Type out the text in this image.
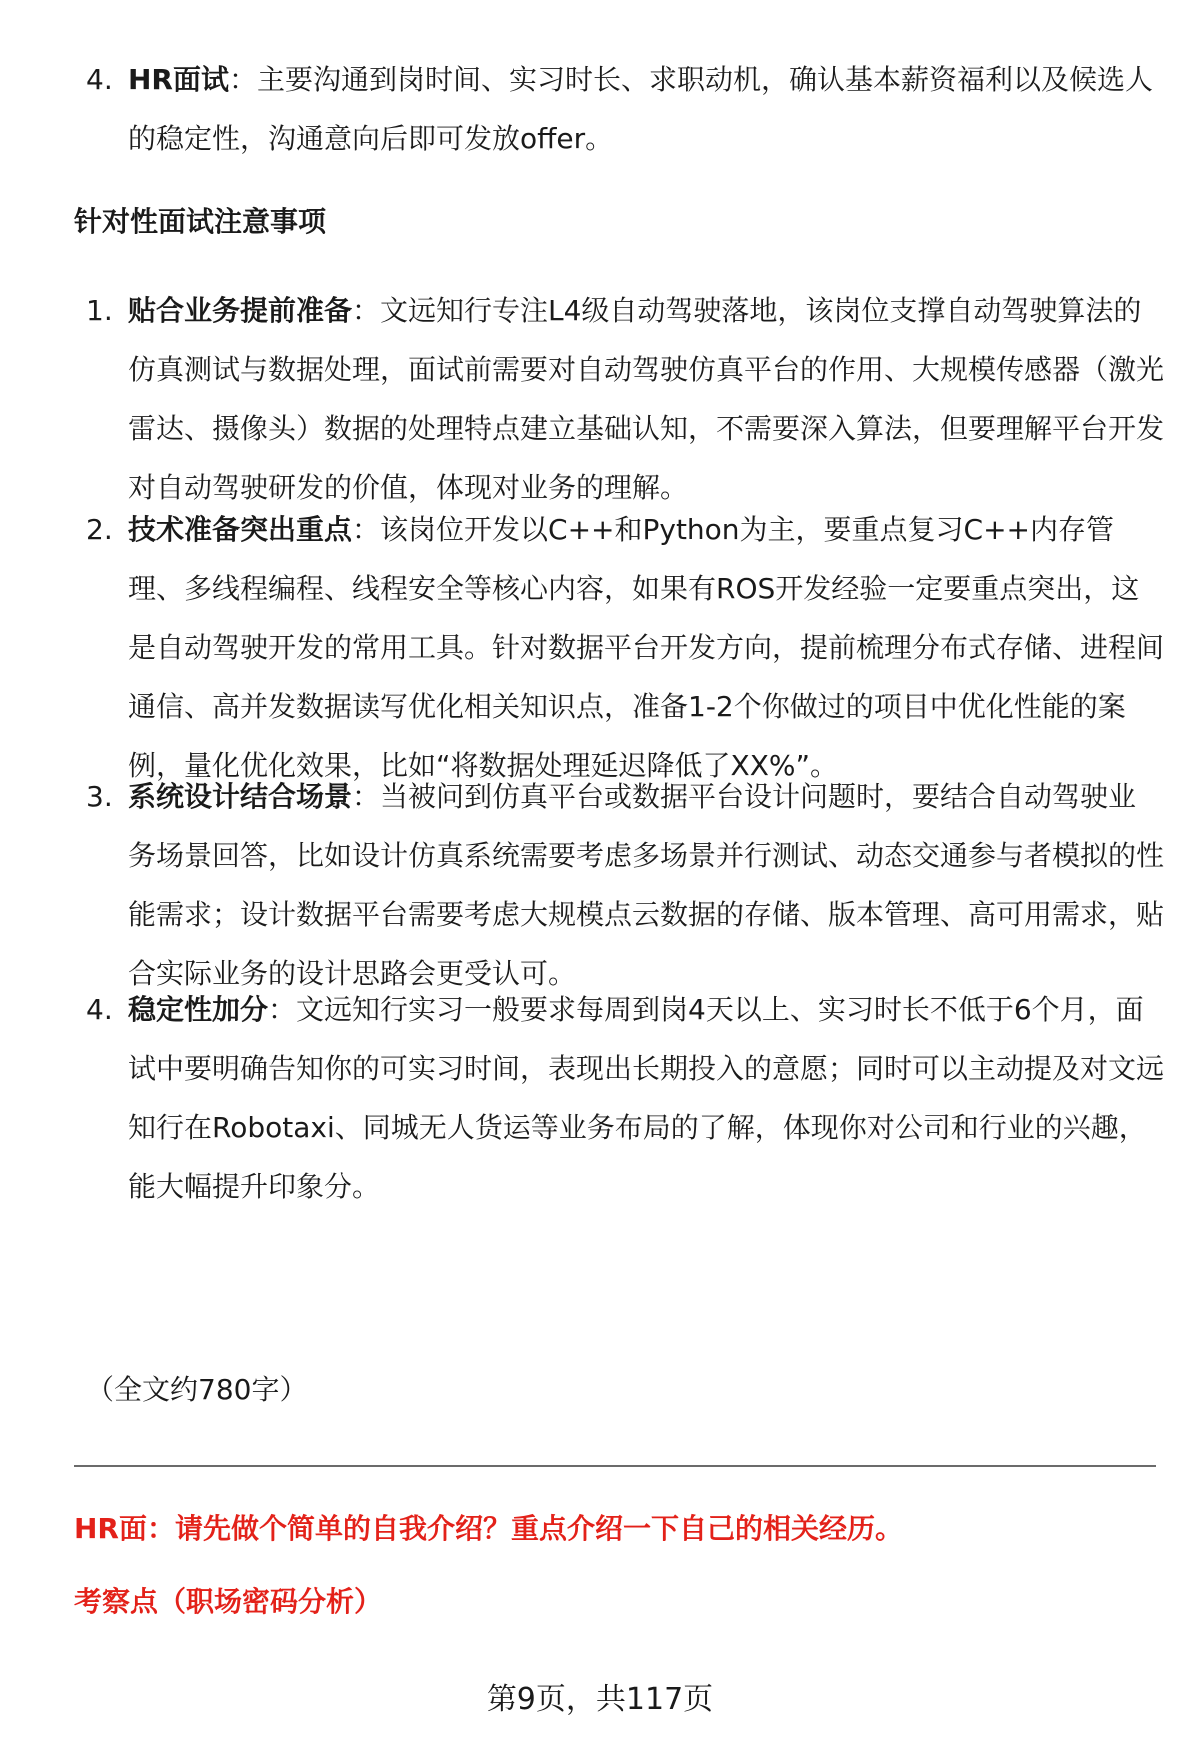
4. HR面试：主要沟通到岗时间、实习时长、求职动机，确认基本薪资福利以及候选人的稳定性，沟通意向后即可发放offer。
针对性面试注意事项
1. 贴合业务提前准备：文远知行专注L4级自动驾驶落地，该岗位支撑自动驾驶算法的仿真测试与数据处理，面试前需要对自动驾驶仿真平台的作用、大规模传感器（激光雷达、摄像头）数据的处理特点建立基础认知，不需要深入算法，但要理解平台开发对自动驾驶研发的价值，体现对业务的理解。
2. 技术准备突出重点：该岗位开发以C++和Python为主，要重点复习C++内存管理、多线程编程、线程安全等核心内容，如果有ROS开发经验一定要重点突出，这是自动驾驶开发的常用工具。针对数据平台开发方向，提前梳理分布式存储、进程间通信、高并发数据读写优化相关知识点，准备1-2个你做过的项目中优化性能的案例，量化优化效果，比如“将数据处理延迟降低了XX%”。
3. 系统设计结合场景：当被问到仿真平台或数据平台设计问题时，要结合自动驾驶业务场景回答，比如设计仿真系统需要考虑多场景并行测试、动态交通参与者模拟的性能需求；设计数据平台需要考虑大规模点云数据的存储、版本管理、高可用需求，贴合实际业务的设计思路会更受认可。
4. 稳定性加分：文远知行实习一般要求每周到岗4天以上、实习时长不低于6个月，面试中要明确告知你的可实习时间，表现出长期投入的意愿；同时可以主动提及对文远知行在Robotaxi、同城无人货运等业务布局的了解，体现你对公司和行业的兴趣，能大幅提升印象分。
（全文约780字）
HR面：请先做个简单的自我介绍？重点介绍一下自己的相关经历。
考察点（职场密码分析）
第9页，共117页
